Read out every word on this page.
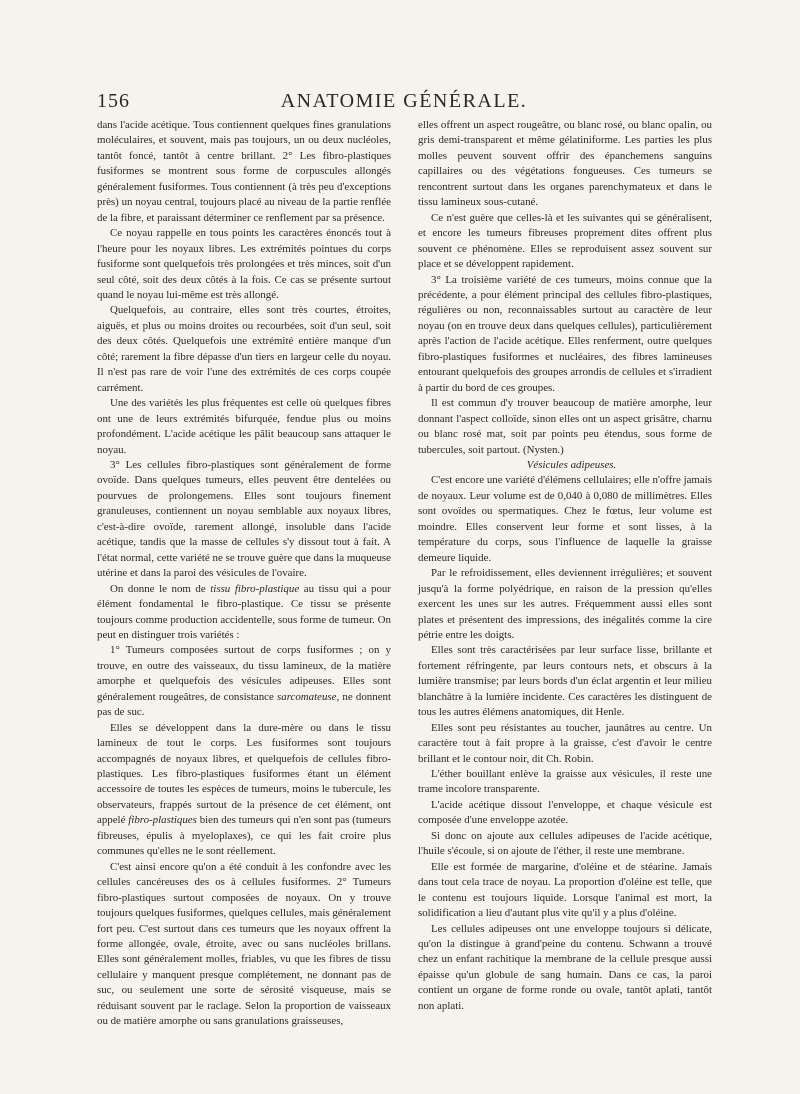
156	ANATOMIE GÉNÉRALE.

dans l'acide acétique. Tous contiennent quelques fines granulations moléculaires, et souvent, mais pas toujours, un ou deux nucléoles, tantôt foncé, tantôt à centre brillant. 2° Les fibro-plastiques fusiformes se montrent sous forme de corpuscules allongés généralement fusiformes. Tous contiennent (à très peu d'exceptions près) un noyau central, toujours placé au niveau de la partie renflée de la fibre, et paraissant déterminer ce renflement par sa présence.

Ce noyau rappelle en tous points les caractères énoncés tout à l'heure pour les noyaux libres. Les extrémités pointues du corps fusiforme sont quelquefois très prolongées et très minces, soit d'un seul côté, soit des deux côtés à la fois. Ce cas se présente surtout quand le noyau lui-même est très allongé.

Quelquefois, au contraire, elles sont très courtes, étroites, aiguës, et plus ou moins droites ou recourbées, soit d'un seul, soit des deux côtés. Quelquefois une extrémité entière manque d'un côté; rarement la fibre dépasse d'un tiers en largeur celle du noyau. Il n'est pas rare de voir l'une des extrémités de ces corps coupée carrément.

Une des variétés les plus fréquentes est celle où quelques fibres ont une de leurs extrémités bifurquée, fendue plus ou moins profondément. L'acide acétique les pâlit beaucoup sans attaquer le noyau.

3° Les cellules fibro-plastiques sont généralement de forme ovoïde. Dans quelques tumeurs, elles peuvent être dentelées ou pourvues de prolongemens. Elles sont toujours finement granuleuses, contiennent un noyau semblable aux noyaux libres, c'est-à-dire ovoïde, rarement allongé, insoluble dans l'acide acétique, tandis que la masse de cellules s'y dissout tout à fait. A l'état normal, cette variété ne se trouve guère que dans la muqueuse utérine et dans la paroi des vésicules de l'ovaire.

On donne le nom de tissu fibro-plastique au tissu qui a pour élément fondamental le fibro-plastique. Ce tissu se présente toujours comme production accidentelle, sous forme de tumeur. On peut en distinguer trois variétés :

1° Tumeurs composées surtout de corps fusiformes ; on y trouve, en outre des vaisseaux, du tissu lamineux, de la matière amorphe et quelquefois des vésicules adipeuses. Elles sont généralement rougeâtres, de consistance sarcomateuse, ne donnent pas de suc.

Elles se développent dans la dure-mère ou dans le tissu lamineux de tout le corps. Les fusiformes sont toujours accompagnés de noyaux libres, et quelquefois de cellules fibro-plastiques. Les fibro-plastiques fusiformes étant un élément accessoire de toutes les espèces de tumeurs, moins le tubercule, les observateurs, frappés surtout de la présence de cet élément, ont appelé fibro-plastiques bien des tumeurs qui n'en sont pas (tumeurs fibreuses, épulis à myeloplaxes), ce qui les fait croire plus communes qu'elles ne le sont réellement.

C'est ainsi encore qu'on a été conduit à les confondre avec les cellules cancéreuses des os à cellules fusiformes. 2° Tumeurs fibro-plastiques surtout composées de noyaux. On y trouve toujours quelques fusiformes, quelques cellules, mais généralement fort peu. C'est surtout dans ces tumeurs que les noyaux offrent la forme allongée, ovale, étroite, avec ou sans nucléoles brillans. Elles sont généralement molles, friables, vu que les fibres de tissu cellulaire y manquent presque complétement, ne donnant pas de suc, ou seulement une sorte de sérosité visqueuse, mais se réduisant souvent par le raclage. Selon la proportion de vaisseaux ou de matière amorphe ou sans granulations graisseuses,

elles offrent un aspect rougeâtre, ou blanc rosé, ou blanc opalin, ou gris demi-transparent et même gélatiniforme. Les parties les plus molles peuvent souvent offrir des épanchemens sanguins capillaires ou des végétations fongueuses. Ces tumeurs se rencontrent surtout dans les organes parenchymateux et dans le tissu lamineux sous-cutané.

Ce n'est guère que celles-là et les suivantes qui se généralisent, et encore les tumeurs fibreuses proprement dites offrent plus souvent ce phénomène. Elles se reproduisent assez souvent sur place et se développent rapidement.

3° La troisième variété de ces tumeurs, moins connue que la précédente, a pour élément principal des cellules fibro-plastiques, régulières ou non, reconnaissables surtout au caractère de leur noyau (on en trouve deux dans quelques cellules), particulièrement après l'action de l'acide acétique. Elles renferment, outre quelques fibro-plastiques fusiformes et nucléaires, des fibres lamineuses entourant quelquefois des groupes arrondis de cellules et s'irradient à partir du bord de ces groupes.

Il est commun d'y trouver beaucoup de matière amorphe, leur donnant l'aspect colloïde, sinon elles ont un aspect grisâtre, charnu ou blanc rosé mat, soit par points peu étendus, sous forme de tubercules, soit partout. (Nysten.)

Vésicules adipeuses.

C'est encore une variété d'élémens cellulaires; elle n'offre jamais de noyaux. Leur volume est de 0,040 à 0,080 de millimètres. Elles sont ovoïdes ou spermatiques. Chez le fœtus, leur volume est moindre. Elles conservent leur forme et sont lisses, à la température du corps, sous l'influence de laquelle la graisse demeure liquide.

Par le refroidissement, elles deviennent irrégulières; et souvent jusqu'à la forme polyédrique, en raison de la pression qu'elles exercent les unes sur les autres. Fréquemment aussi elles sont plates et présentent des impressions, des inégalités comme la cire pétrie entre les doigts.

Elles sont très caractérisées par leur surface lisse, brillante et fortement réfringente, par leurs contours nets, et obscurs à la lumière transmise; par leurs bords d'un éclat argentin et leur milieu blanchâtre à la lumière incidente. Ces caractères les distinguent de tous les autres élémens anatomiques, dit Henle.

Elles sont peu résistantes au toucher, jaunâtres au centre. Un caractère tout à fait propre à la graisse, c'est d'avoir le centre brillant et le contour noir, dit Ch. Robin.

L'éther bouillant enlève la graisse aux vésicules, il reste une trame incolore transparente.

L'acide acétique dissout l'enveloppe, et chaque vésicule est composée d'une enveloppe azotée.

Si donc on ajoute aux cellules adipeuses de l'acide acétique, l'huile s'écoule, si on ajoute de l'éther, il reste une membrane.

Elle est formée de margarine, d'oléine et de stéarine. Jamais dans tout cela trace de noyau. La proportion d'oléine est telle, que le contenu est toujours liquide. Lorsque l'animal est mort, la solidification a lieu d'autant plus vite qu'il y a plus d'oléine.

Les cellules adipeuses ont une enveloppe toujours si délicate, qu'on la distingue à grand'peine du contenu. Schwann a trouvé chez un enfant rachitique la membrane de la cellule presque aussi épaisse qu'un globule de sang humain. Dans ce cas, la paroi contient un organe de forme ronde ou ovale, tantôt aplati, tantôt non aplati.
